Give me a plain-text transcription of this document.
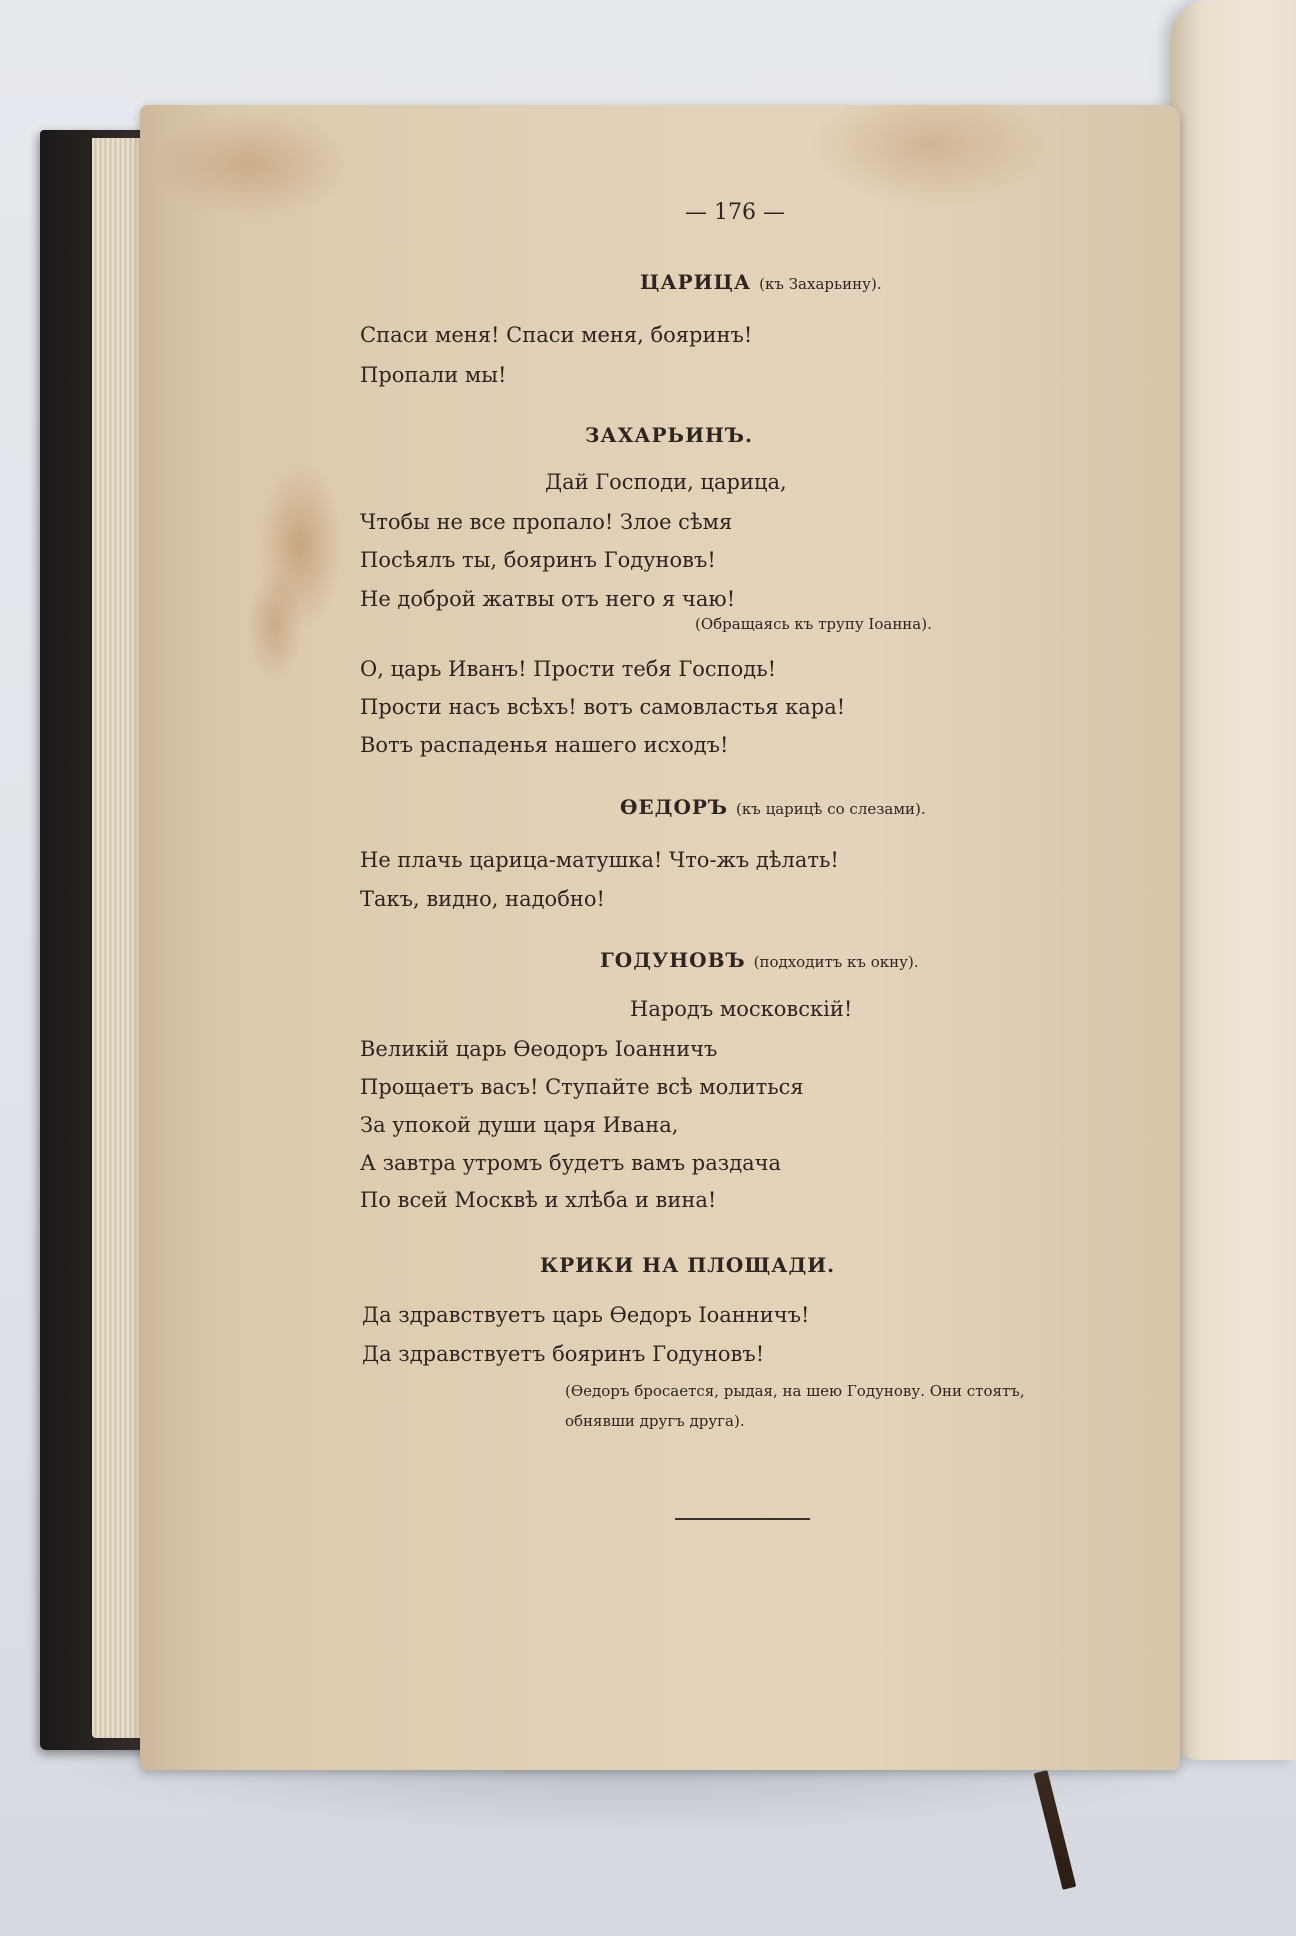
— 176 —
ЦАРИЦА (къ Захарьину).
Спаси меня! Спаси меня, бояринъ!
Пропали мы!
ЗАХАРЬИНЪ.
Дай Господи, царица,
Чтобы не все пропало! Злое сѣмя
Посѣялъ ты, бояринъ Годуновъ!
Не доброй жатвы отъ него я чаю!
(Обращаясь къ трупу Іоанна).
О, царь Иванъ! Прости тебя Господь!
Прости насъ всѣхъ! вотъ самовластья кара!
Вотъ распаденья нашего исходъ!
ѲЕДОРЪ (къ царицѣ со слезами).
Не плачь царица-матушка! Что-жъ дѣлать!
Такъ, видно, надобно!
ГОДУНОВЪ (подходитъ къ окну).
Народъ московскій!
Великій царь Ѳеодоръ Іоанничъ
Прощаетъ васъ! Ступайте всѣ молиться
За упокой души царя Ивана,
А завтра утромъ будетъ вамъ раздача
По всей Москвѣ и хлѣба и вина!
КРИКИ НА ПЛОЩАДИ.
Да здравствуетъ царь Ѳедоръ Іоанничъ!
Да здравствуетъ бояринъ Годуновъ!
(Ѳедоръ бросается, рыдая, на шею Годунову. Они стоятъ,
обнявши другъ друга).
